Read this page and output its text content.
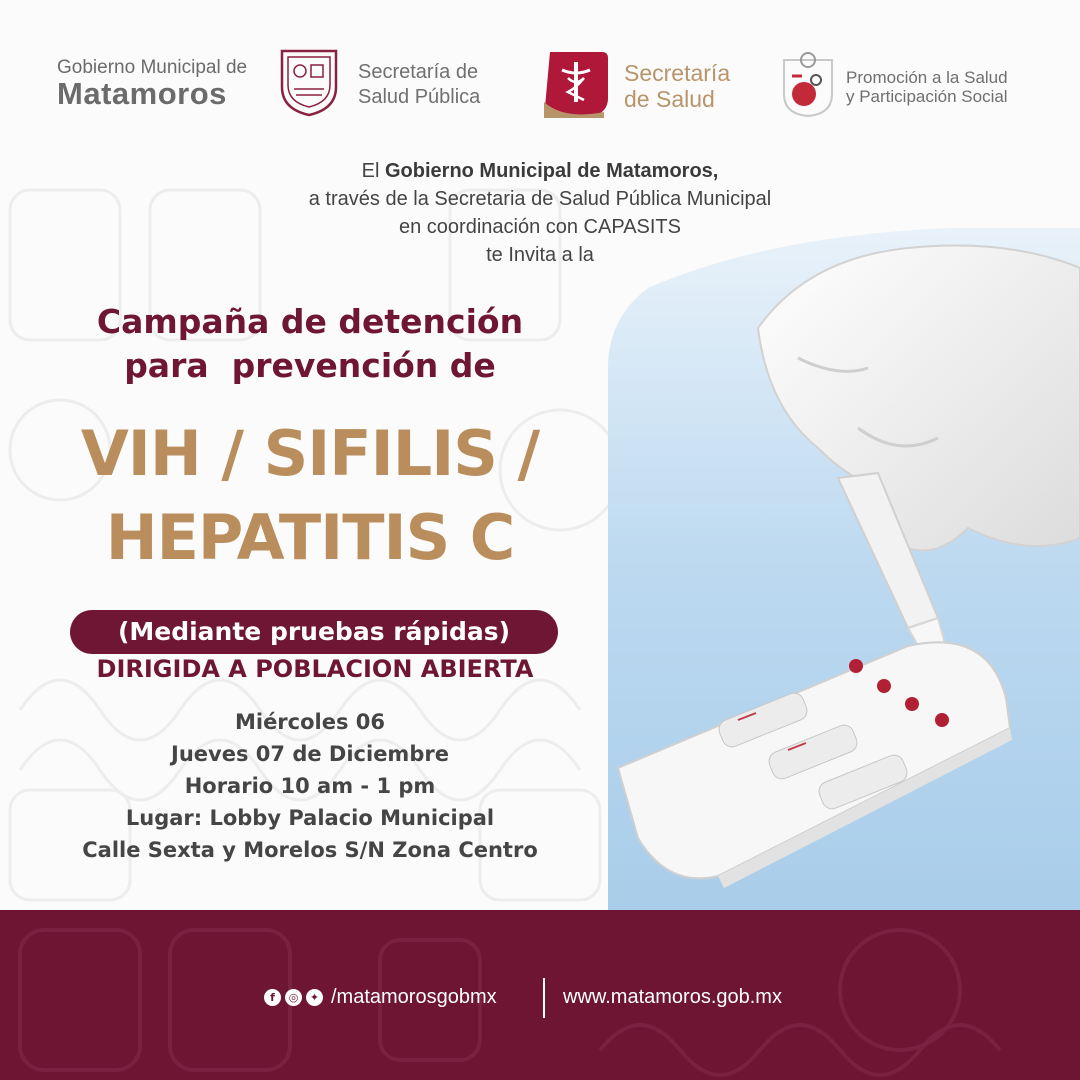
Gobierno Municipal de
Matamoros
Secretaría de
Salud Pública
Secretaría
de Salud
Promoción a la Salud
y Participación Social
El Gobierno Municipal de Matamoros,
a través de la Secretaria de Salud Pública Municipal
en coordinación con CAPASITS
te Invita a la
Campaña de detención
para  prevención de
VIH / SIFILIS /
HEPATITIS C
(Mediante pruebas rápidas)
DIRIGIDA A POBLACION ABIERTA
Miércoles 06
Jueves 07 de Diciembre
Horario 10 am - 1 pm
Lugar: Lobby Palacio Municipal
Calle Sexta y Morelos S/N Zona Centro
f	◎	✦ /matamorosgobmx	www.matamoros.gob.mx
